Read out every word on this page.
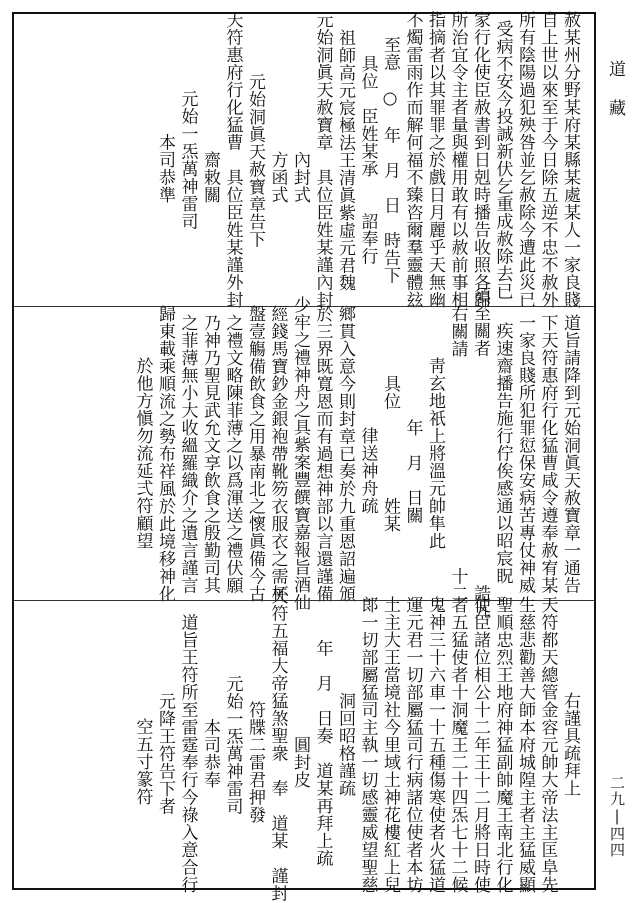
赦某州分野某府某縣某處某人一家良賤
自上世以來至于今日除五逆不忠不赦外
所有陰陽過犯殃咎並乞赦除今遭此災已
受病不安今投誠新伏乞重成赦除去已
家行化使臣赦書到日剋時播告收照各歸
所治宜令主者量與權用敢有以赦前事相
指摘者以其罪罪之於戲日月麗乎天無幽
不燭雷雨作而解何福不臻咨爾羣靈體玆
至意　○　年　月　日　時告下
具位　臣姓某承　　詔奉行
祖師高元宸極法王清眞紫虛元君魏
元始洞眞天赦寶章　具位臣姓某謹內封
　　內封式
　　方函式
元始洞眞天赦寶章告下
天符惠府行化猛曹　具位臣姓某謹外封
　　齋敕關
元始一炁萬神雷司
　本司恭準
道旨請降到元始洞眞天赦寶章一通告
下天符惠府行化猛曹咸令遵奉赦宥某
一家良賤所犯罪愆保安病苦專仗神威
疾速齋播告施行佇俟感通以昭宸眖
須至關者　　　　　　　　　　　　　誥九
右關請　　　　　　　　　　　　十二
靑玄地祇上將溫元帥隼此
　　年　月　日關
具位　　　　　姓某
　　律送神舟疏
鄉貫入意今則封章已奏於九重恩詔遍頒
於三界既寬恩而有過想神部以言還謹備
少牢之禮神舟之具紫案豐饌寶嘉報旨酒仙
經錢馬寶鈔金銀袍帶靴笏衣服衣之需杯
盤壹觴備飲食之用暴南北之懷眞備今古
之禮文略陳菲薄之以爲渾送之禮伏願
乃神乃聖見武允文享飲食之殷勤司其
之菲薄無小大收縕羅織介之遺言謹言
歸東載乘順流之勢布祥風於此境移神化
於他方愼勿流延弍符顧望
右謹具疏拜上
天符都天總管金容元帥大帝法主匡阜先
生慈悲勸善大師本府城隍主者主猛威顯
聖順忠烈王地府神猛副帥魔王南北行化
使臣諸位相公十二年王十二月將日時使
者五猛使者十洞魔王二十四炁七十二候
鬼神三十六車一十五種傷寒使者火猛道
運元君一切部屬猛司行病諸位使者本坊
土主大王當境社今里域土神花樓紅上兒
郞一切部屬猛司主執一切感靈威望聖慈
洞回昭格謹疏
　年　月　日奏　道某再拜上疏
　　圓封皮
天符五福大帝猛煞聖衆　奉　道某　謹封
　　符牒二雷君押發
元始一炁萬神雷司
　本司恭奉
　道旨王符所至雷霆奉行今祿入意合行
　元降王符告下者
　　空五寸篆符
道藏
二九|四四
